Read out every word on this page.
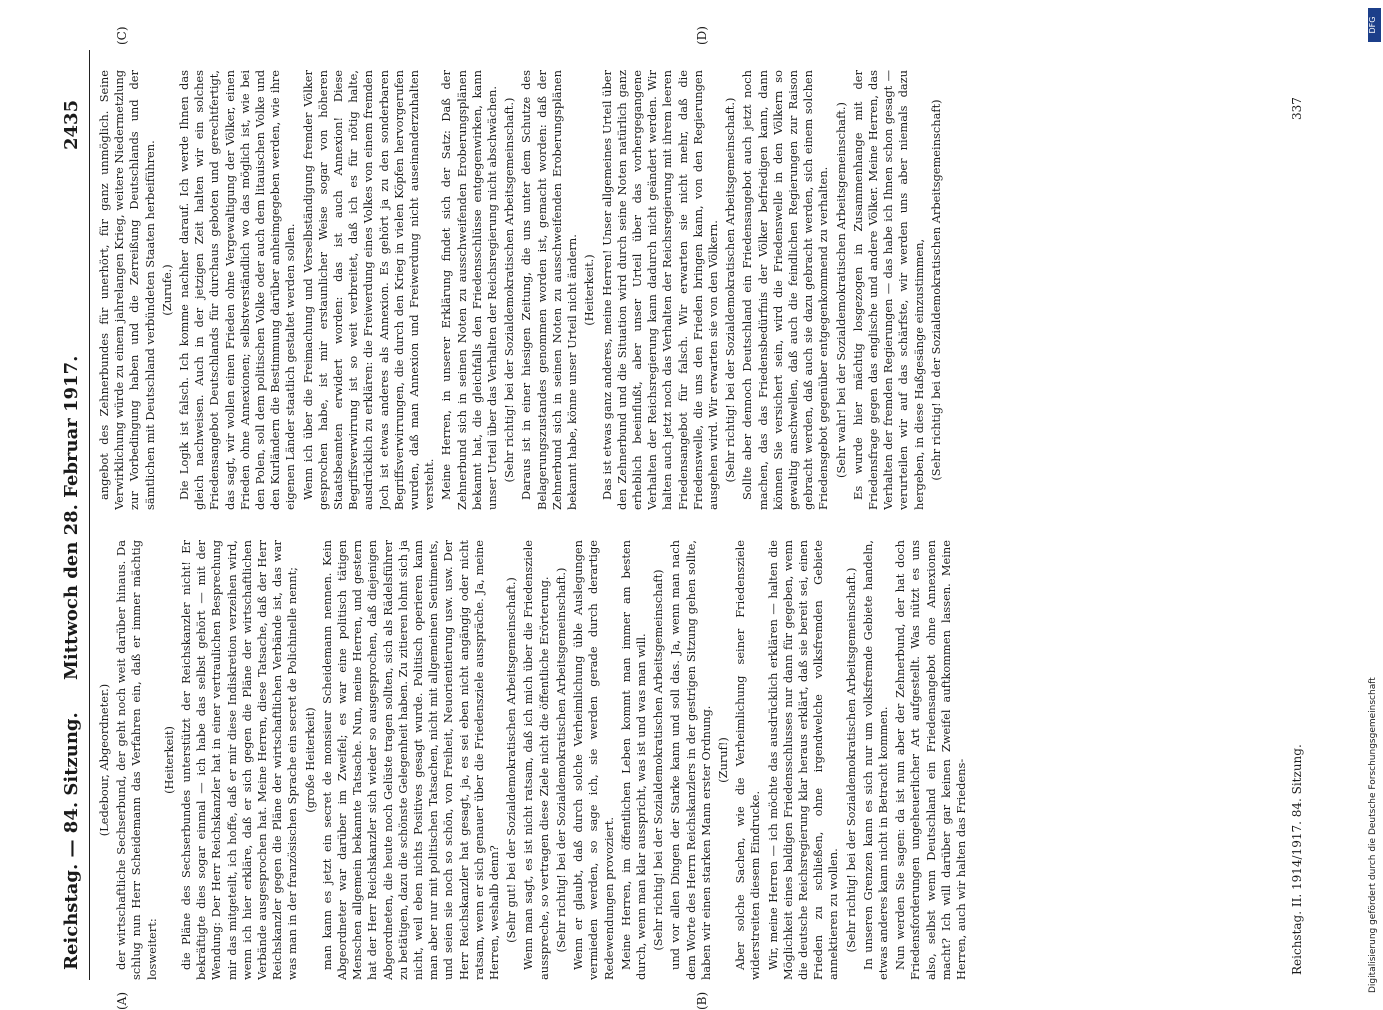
Reichstag. — 84. Sitzung.
Mittwoch den 28. Februar 1917.
2435
(A)	(B)
(C)	(D)

(Ledebour, Abgeordneter.) der wirtschaftliche Sechserbund, der geht noch weit darüber hinaus. Da schlug nun Herr Scheidemann das Verfahren ein, daß er immer mächtig losweitert:

(Heiterkeit) die Pläne des Sechserbundes unterstützt der Reichskanzler nicht! Er bekräftigte dies sogar einmal — ich habe das selbst gehört — mit der Wendung: Der Herr Reichskanzler hat in einer vertraulichen Besprechung mir das mitgeteilt, ich hoffe, daß er mir diese Indiskretion verzeihen wird, wenn ich hier erkläre, daß er sich gegen die Pläne der wirtschaftlichen Verbände ausgesprochen hat. Meine Herren, diese Tatsache, daß der Herr Reichskanzler gegen die Pläne der wirtschaftlichen Verbände ist, das war was man in der französischen Sprache ein secret de Polichinelle nennt; (große Heiterkeit) man kann es jetzt ein secret de monsieur Scheidemann nennen. Kein Abgeordneter war darüber im Zweifel; es war eine politisch tätigen Menschen allgemein bekannte Tatsache. Nun, meine Herren, und gestern hat der Herr Reichskanzler sich wieder so ausgesprochen, daß diejenigen Abgeordneten, die heute noch Gelüste tragen sollten, sich als Rädelsführer zu betätigen, dazu die schönste Gelegenheit haben. Zu zitieren lohnt sich ja nicht, weil eben nichts Positives gesagt wurde. Politisch operieren kann man aber nur mit politischen Tatsachen, nicht mit allgemeinen Sentiments, und seien sie noch so schön, von Freiheit, Neuorientierung usw. usw. Der Herr Reichskanzler hat gesagt, ja, es sei eben nicht angängig oder nicht ratsam, wenn er sich genauer über die Friedensziele ausspräche. Ja, meine Herren, weshalb denn? (Sehr gut! bei der Sozialdemokratischen Arbeitsgemeinschaft.) Wenn man sagt, es ist nicht ratsam, daß ich mich über die Friedensziele ausspreche, so vertragen diese Ziele nicht die öffentliche Erörterung. (Sehr richtig! bei der Sozialdemokratischen Arbeitsgemeinschaft.) Wenn er glaubt, daß durch solche Verheimlichung üble Auslegungen vermieden werden, so sage ich, sie werden gerade durch derartige Redewendungen provoziert. Meine Herren, im öffentlichen Leben kommt man immer am besten durch, wenn man klar ausspricht, was ist und was man will. (Sehr richtig! bei der Sozialdemokratischen Arbeitsgemeinschaft) und vor allen Dingen der Starke kann und soll das. Ja, wenn man nach dem Worte des Herrn Reichskanzlers in der gestrigen Sitzung gehen sollte, haben wir einen starken Mann erster Ordnung. (Zuruf!) Aber solche Sachen, wie die Verheimlichung seiner Friedensziele widerstreiten diesem Eindrucke. Wir, meine Herren — ich möchte das ausdrücklich erklären — halten die Möglichkeit eines baldigen Friedensschlusses nur dann für gegeben, wenn die deutsche Reichsregierung klar heraus erklärt, daß sie bereit sei, einen Frieden zu schließen, ohne irgendwelche volksfremden Gebiete annektieren zu wollen. (Sehr richtig! bei der Sozialdemokratischen Arbeitsgemeinschaft.) In unseren Grenzen kann es sich nur um volksfremde Gebiete handeln, etwas anderes kann nicht in Betracht kommen. Nun werden Sie sagen: da ist nun aber der Zehnerbund, der hat doch Friedensforderungen ungeheuerlicher Art aufgestellt. Was nützt es uns also, selbst wenn Deutschland ein Friedensangebot ohne Annexionen macht? Ich will darüber gar keinen Zweifel auftkommen lassen. Meine Herren, auch wir halten das Friedens-

angebot des Zehnerbundes für unerhört, für ganz unmöglich. Seine Verwirklichung würde zu einem jahrelangen Krieg, weitere Niedermetzlung zur Vorbedingung haben und die Zerreißung Deutschlands und der sämtlichen mit Deutschland verbündeten Staaten herbeiführen. (Zurufe.) Die Logik ist falsch. Ich komme nachher darauf. Ich werde Ihnen das gleich nachweisen. Auch in der jetzigen Zeit halten wir ein solches Friedensangebot Deutschlands für durchaus geboten und gerechtfertigt, das sagt, wir wollen einen Frieden ohne Vergewaltigung der Völker, einen Frieden ohne Annexionen; selbstverständlich wo das möglich ist, wie bei den Polen, soll dem politischen Volke oder auch dem litauischen Volke und den Kurländern die Bestimmung darüber anheimgegeben werden, wie ihre eigenen Länder staatlich gestaltet werden sollen. Wenn ich über die Freimachung und Verselbständigung fremder Völker gesprochen habe, ist mir erstaunlicher Weise sogar von höheren Staatsbeamten erwidert worden: das ist auch Annexion! Diese Begriffsverwirrung ist so weit verbreitet, daß ich es für nötig halte, ausdrücklich zu erklären: die Freiwerdung eines Volkes von einem fremden Joch ist etwas anderes als Annexion. Es gehört ja zu den sonderbaren Begriffsverwirrungen, die durch den Krieg in vielen Köpfen hervorgerufen wurden, daß man Annexion und Freiwerdung nicht auseinanderzuhalten versteht. Meine Herren, in unserer Erklärung findet sich der Satz: Daß der Zehnerbund sich in seinen Noten zu ausschweifenden Eroberungsplänen bekannt hat, die gleichfalls den Friedensschlüsse entgegenwirken, kann unser Urteil über das Verhalten der Reichsregierung nicht abschwächen. (Sehr richtig! bei der Sozialdemokratischen Arbeitsgemeinschaft.) Daraus ist in einer hiesigen Zeitung, die uns unter dem Schutze des Belagerungszustandes genommen worden ist, gemacht worden: daß der Zehnerbund sich in seinen Noten zu ausschweifenden Eroberungsplänen bekannt habe, könne unser Urteil nicht ändern. (Heiterkeit.) Das ist etwas ganz anderes, meine Herren! Unser allgemeines Urteil über den Zehnerbund und die Situation wird durch seine Noten natürlich ganz erheblich beeinflußt, aber unser Urteil über das vorhergegangene Verhalten der Reichsregierung kann dadurch nicht geändert werden. Wir halten auch jetzt noch das Verhalten der Reichsregierung mit ihrem leeren Friedensangebot für falsch. Wir erwarten sie nicht mehr, daß die Friedenswelle, die uns den Frieden bringen kann, von den Regierungen ausgehen wird. Wir erwarten sie von den Völkern. (Sehr richtig! bei der Sozialdemokratischen Arbeitsgemeinschaft.) Sollte aber dennoch Deutschland ein Friedensangebot auch jetzt noch machen, das das Friedensbedürfnis der Völker befriedigen kann, dann können Sie versichert sein, wird die Friedenswelle in den Völkern so gewaltig anschwellen, daß auch die feindlichen Regierungen zur Raison gebracht werden, daß auch sie dazu gebracht werden, sich einem solchen Friedensgebot gegenüber entgegenkommend zu verhalten. (Sehr wahr! bei der Sozialdemokratischen Arbeitsgemeinschaft.) Es wurde hier mächtig losgezogen in Zusammenhange mit der Friedensfrage gegen das englische und andere Völker. Meine Herren, das Verhalten der fremden Regierungen — das habe ich Ihnen schon gesagt — verurteilen wir auf das schärfste, wir werden uns aber niemals dazu hergeben, in diese Haßgesänge einzustimmen, (Sehr richtig! bei der Sozialdemokratischen Arbeitsgemeinschaft)

Reichstag. II. 1914/1917. 84. Sitzung.
337
Digitalisierung gefördert durch die Deutsche Forschungsgemeinschaft
DFG
